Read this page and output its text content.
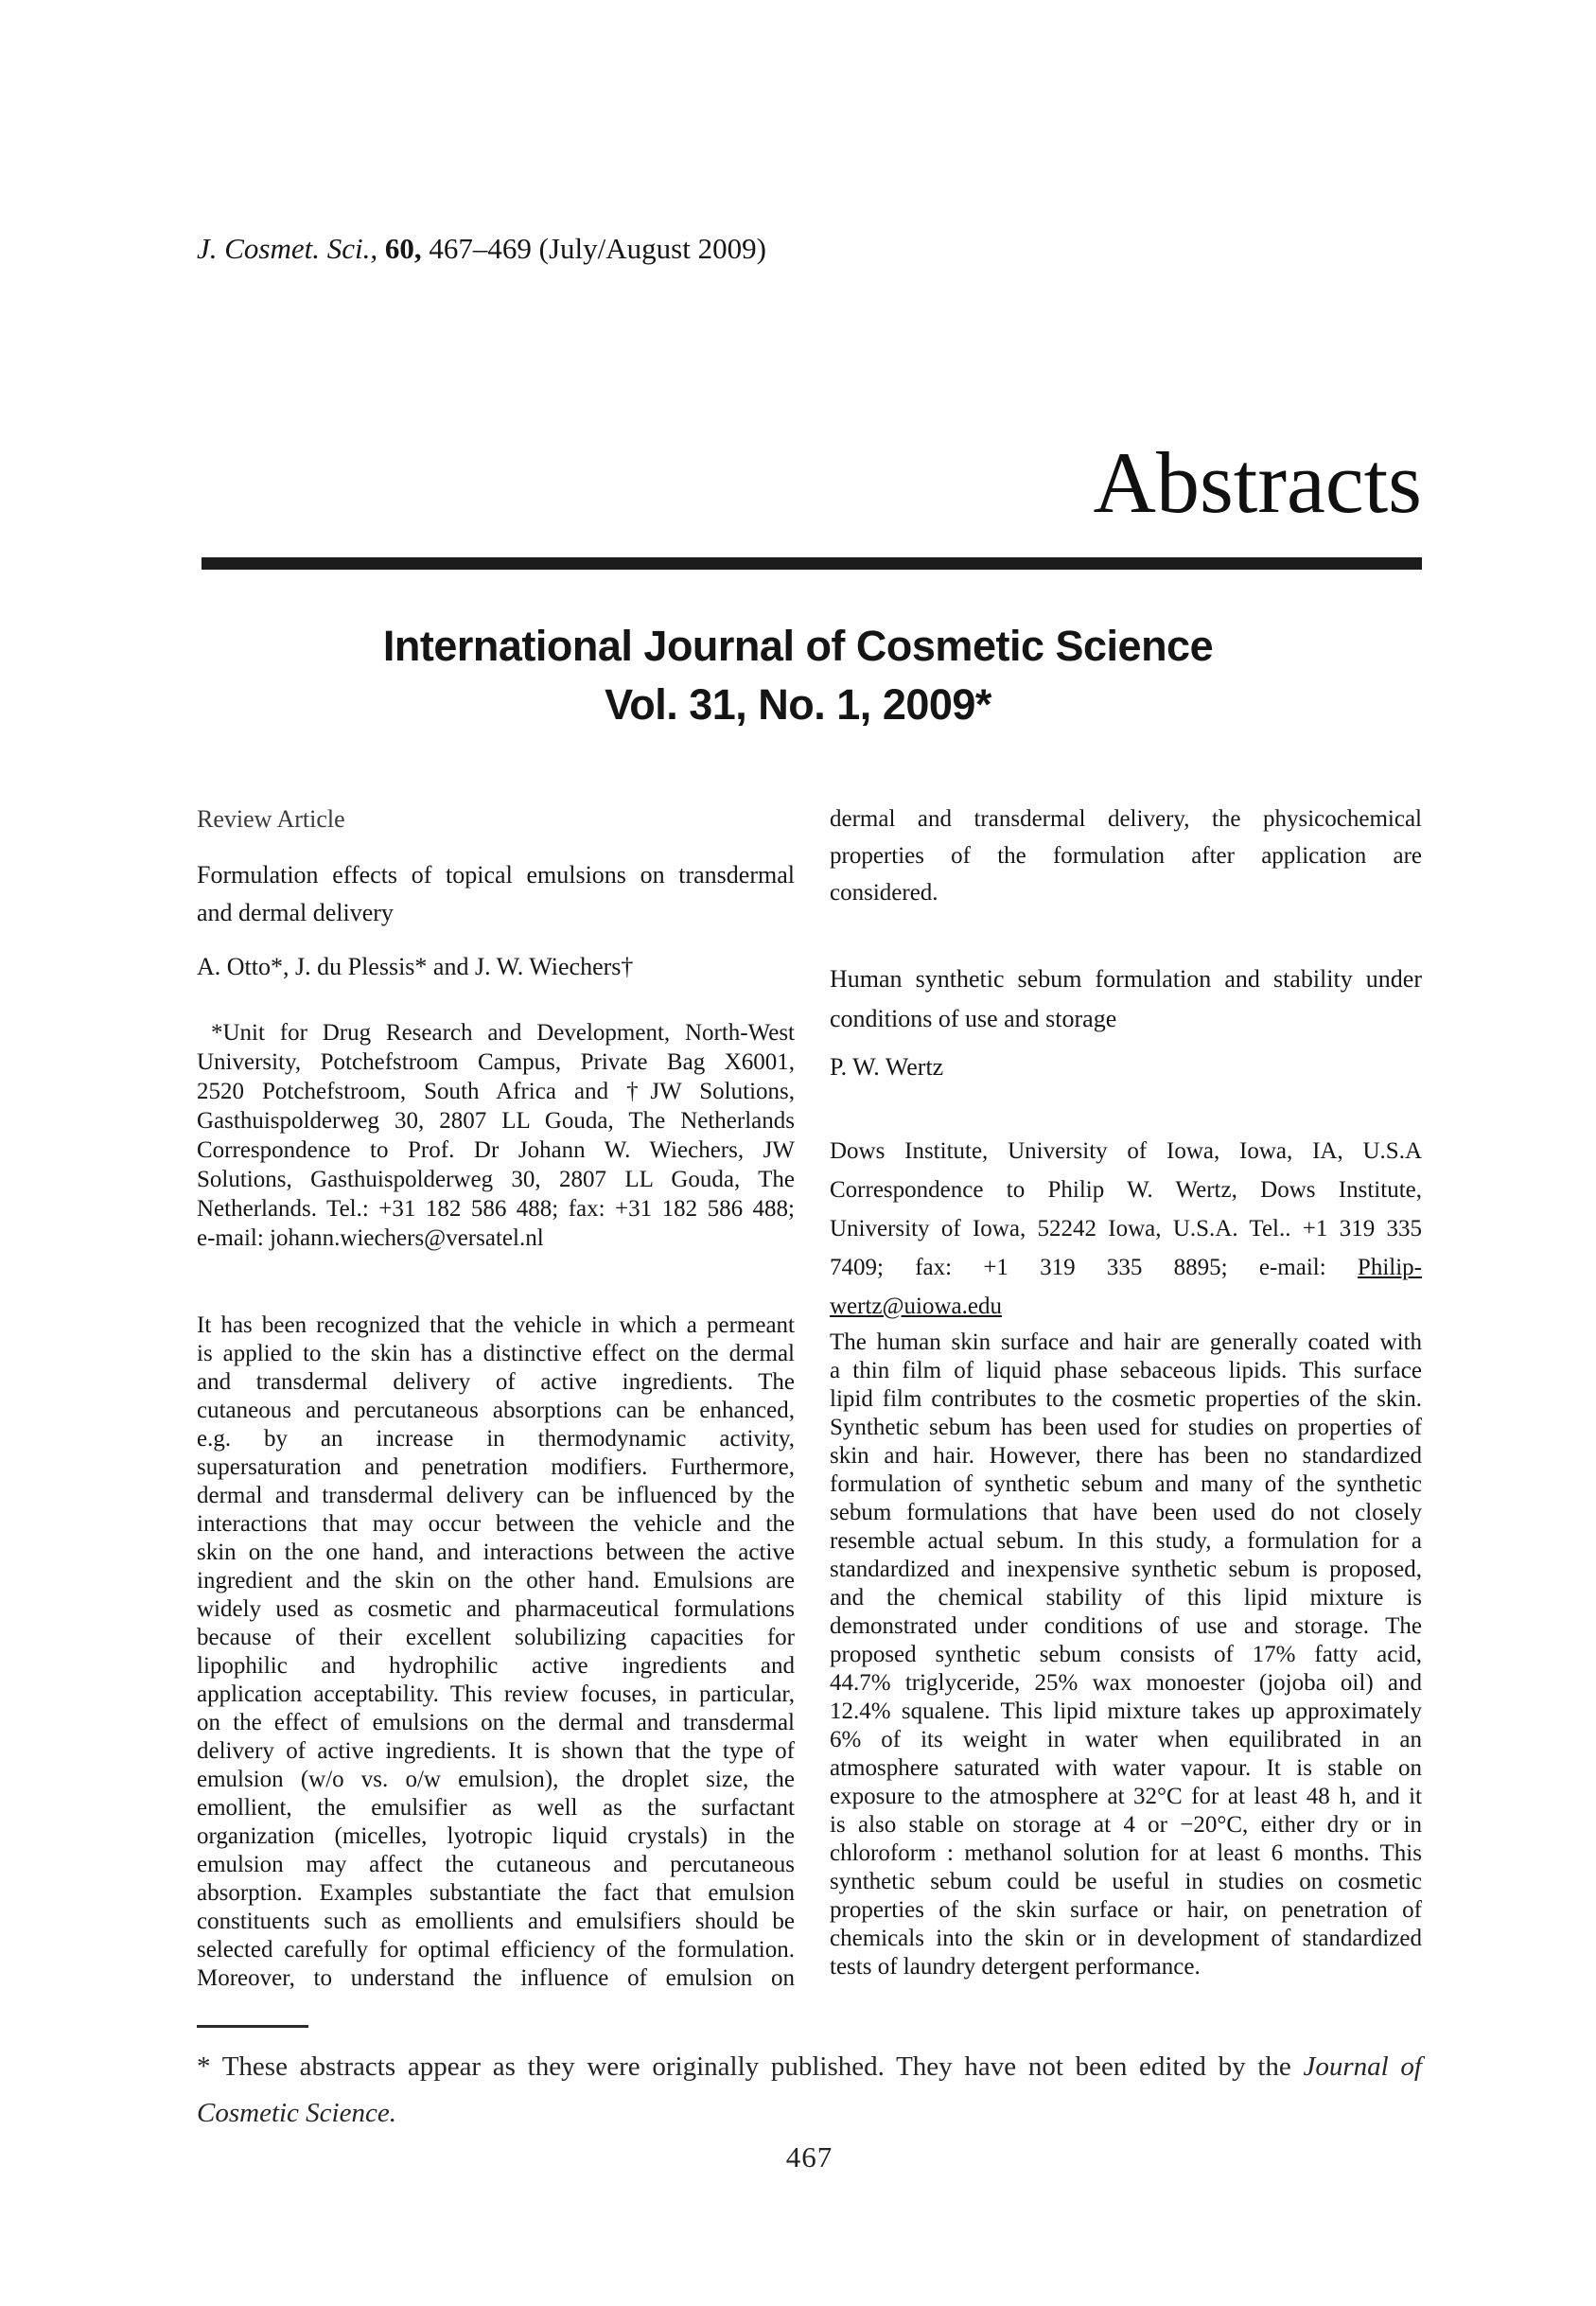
J. Cosmet. Sci., 60, 467–469 (July/August 2009)
Abstracts
International Journal of Cosmetic Science
Vol. 31, No. 1, 2009*
Review Article
Formulation effects of topical emulsions on transdermal
and dermal delivery
A. Otto*, J. du Plessis* and J. W. Wiechers†
*Unit for Drug Research and Development, North-West
University, Potchefstroom Campus, Private Bag X6001,
2520 Potchefstroom, South Africa and †JW Solutions,
Gasthuispolderweg 30, 2807 LL Gouda, The Netherlands
Correspondence to Prof. Dr Johann W. Wiechers, JW
Solutions, Gasthuispolderweg 30, 2807 LL Gouda, The
Netherlands. Tel.: +31 182 586 488; fax: +31 182 586 488;
e-mail: johann.wiechers@versatel.nl
It has been recognized that the vehicle in which a permeant
is applied to the skin has a distinctive effect on the dermal
and transdermal delivery of active ingredients. The
cutaneous and percutaneous absorptions can be enhanced,
e.g. by an increase in thermodynamic activity,
supersaturation and penetration modifiers. Furthermore,
dermal and transdermal delivery can be influenced by the
interactions that may occur between the vehicle and the
skin on the one hand, and interactions between the active
ingredient and the skin on the other hand. Emulsions are
widely used as cosmetic and pharmaceutical formulations
because of their excellent solubilizing capacities for
lipophilic and hydrophilic active ingredients and
application acceptability. This review focuses, in particular,
on the effect of emulsions on the dermal and transdermal
delivery of active ingredients. It is shown that the type of
emulsion (w/o vs. o/w emulsion), the droplet size, the
emollient, the emulsifier as well as the surfactant
organization (micelles, lyotropic liquid crystals) in the
emulsion may affect the cutaneous and percutaneous
absorption. Examples substantiate the fact that emulsion
constituents such as emollients and emulsifiers should be
selected carefully for optimal efficiency of the formulation.
Moreover, to understand the influence of emulsion on
dermal and transdermal delivery, the physicochemical
properties of the formulation after application are
considered.
Human synthetic sebum formulation and stability under
conditions of use and storage
P. W. Wertz
Dows Institute, University of Iowa, Iowa, IA, U.S.A
Correspondence to Philip W. Wertz, Dows Institute,
University of Iowa, 52242 Iowa, U.S.A. Tel.. +1 319 335
7409; fax: +1 319 335 8895; e-mail: Philip-
wertz@uiowa.edu
The human skin surface and hair are generally coated with
a thin film of liquid phase sebaceous lipids. This surface
lipid film contributes to the cosmetic properties of the skin.
Synthetic sebum has been used for studies on properties of
skin and hair. However, there has been no standardized
formulation of synthetic sebum and many of the synthetic
sebum formulations that have been used do not closely
resemble actual sebum. In this study, a formulation for a
standardized and inexpensive synthetic sebum is proposed,
and the chemical stability of this lipid mixture is
demonstrated under conditions of use and storage. The
proposed synthetic sebum consists of 17% fatty acid,
44.7% triglyceride, 25% wax monoester (jojoba oil) and
12.4% squalene. This lipid mixture takes up approximately
6% of its weight in water when equilibrated in an
atmosphere saturated with water vapour. It is stable on
exposure to the atmosphere at 32°C for at least 48 h, and it
is also stable on storage at 4 or −20°C, either dry or in
chloroform : methanol solution for at least 6 months. This
synthetic sebum could be useful in studies on cosmetic
properties of the skin surface or hair, on penetration of
chemicals into the skin or in development of standardized
tests of laundry detergent performance.
* These abstracts appear as they were originally published. They have not been edited by the Journal of
Cosmetic Science.
467
